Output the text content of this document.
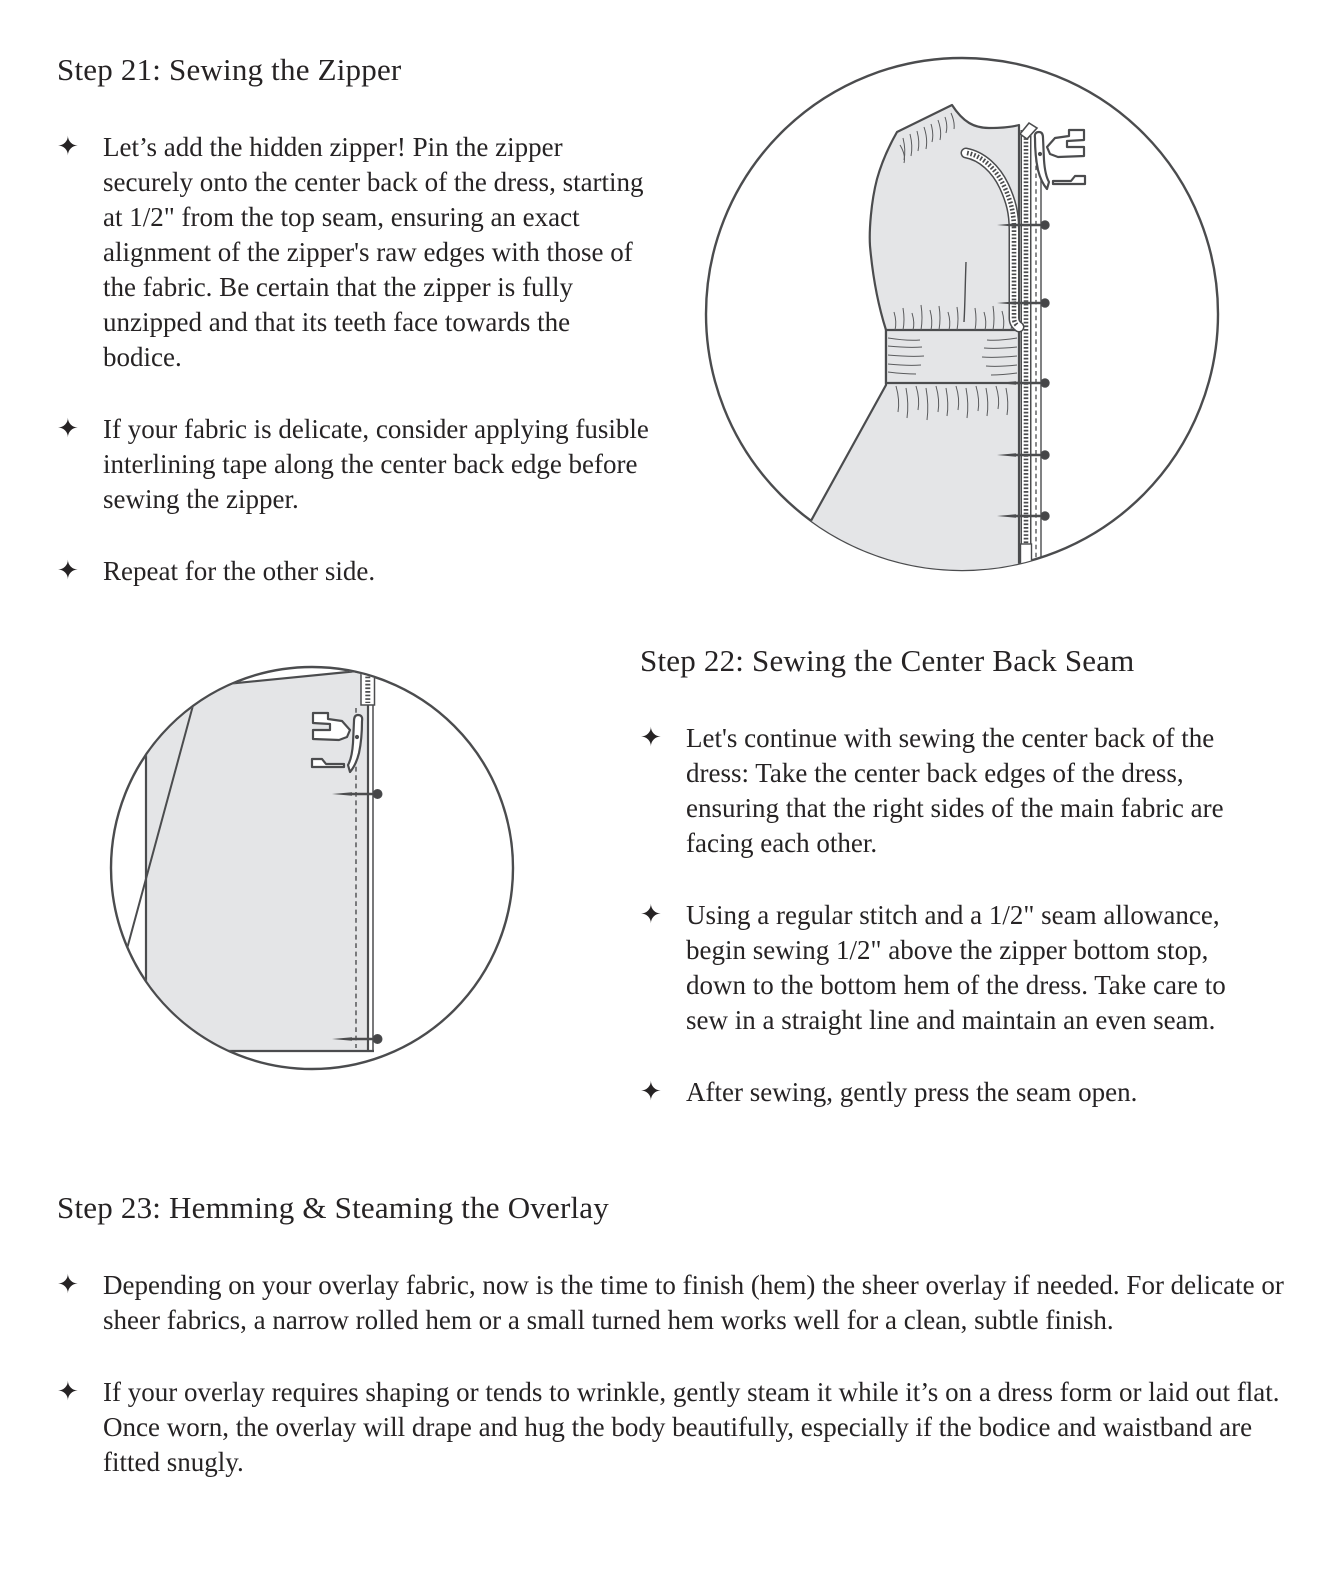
Step 21: Sewing the Zipper
✦ Let’s add the hidden zipper! Pin the zipper securely onto the center back of the dress, starting at 1/2" from the top seam, ensuring an exact alignment of the zipper's raw edges with those of the fabric. Be certain that the zipper is fully unzipped and that its teeth face towards the bodice.

✦ If your fabric is delicate, consider applying fusible interlining tape along the center back edge before sewing the zipper.

✦ Repeat for the other side.

Step 22: Sewing the Center Back Seam
✦ Let's continue with sewing the center back of the dress: Take the center back edges of the dress, ensuring that the right sides of the main fabric are facing each other.

✦ Using a regular stitch and a 1/2" seam allowance, begin sewing 1/2" above the zipper bottom stop, down to the bottom hem of the dress. Take care to sew in a straight line and maintain an even seam.

✦ After sewing, gently press the seam open.

Step 23: Hemming & Steaming the Overlay
✦ Depending on your overlay fabric, now is the time to finish (hem) the sheer overlay if needed. For delicate or sheer fabrics, a narrow rolled hem or a small turned hem works well for a clean, subtle finish.

✦ If your overlay requires shaping or tends to wrinkle, gently steam it while it’s on a dress form or laid out flat. Once worn, the overlay will drape and hug the body beautifully, especially if the bodice and waistband are fitted snugly.
